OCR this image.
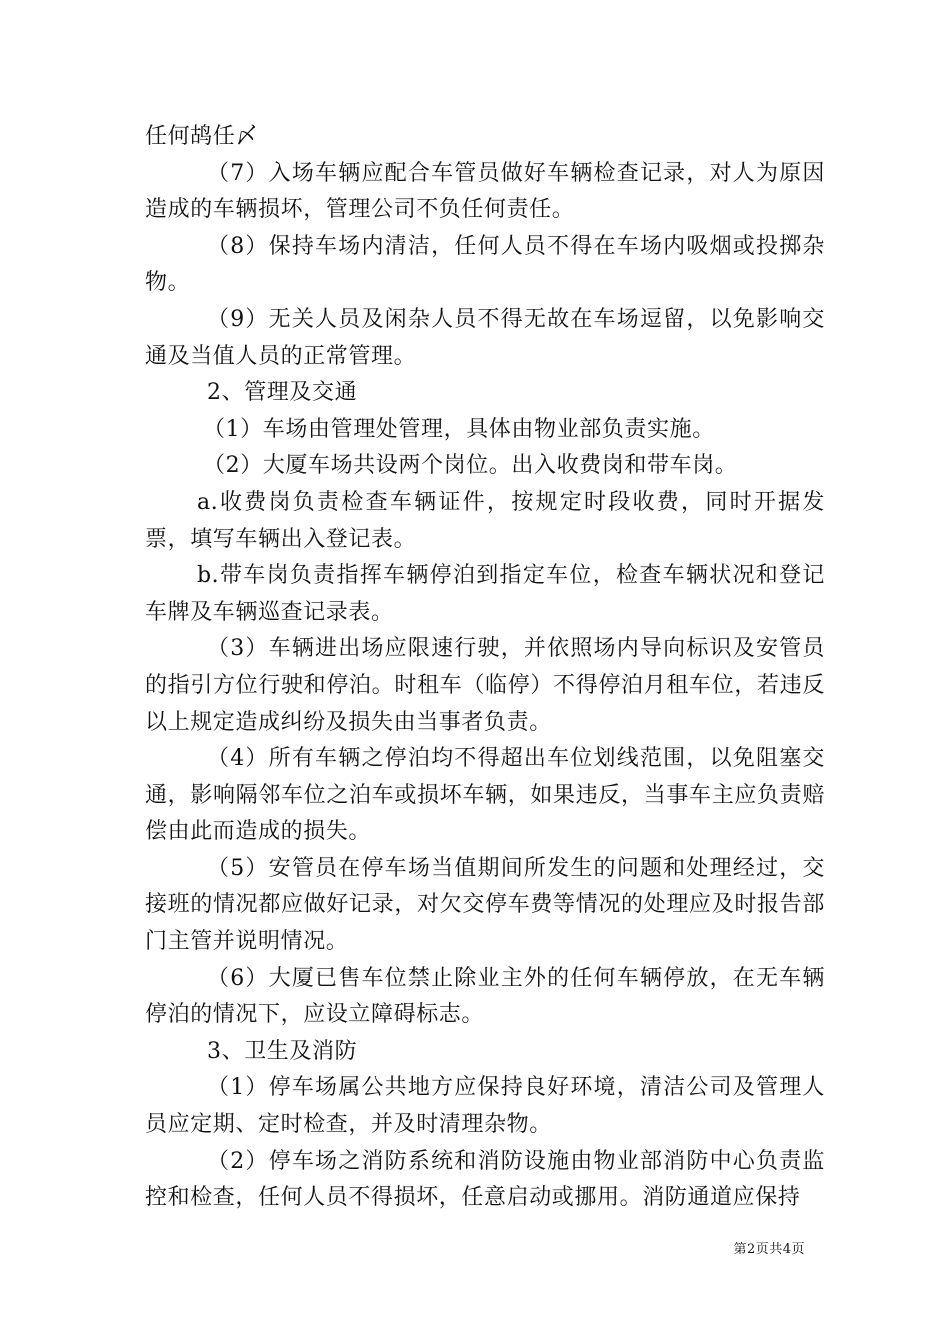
任何鸪任〆

（7）入场车辆应配合车管员做好车辆检查记录，对人为原因造成的车辆损坏，管理公司不负任何责任。

（8）保持车场内清洁，任何人员不得在车场内吸烟或投掷杂物。

（9）无关人员及闲杂人员不得无故在车场逗留，以免影响交通及当值人员的正常管理。

2、管理及交通

（1）车场由管理处管理，具体由物业部负责实施。

（2）大厦车场共设两个岗位。出入收费岗和带车岗。

a.收费岗负责检查车辆证件，按规定时段收费，同时开据发票，填写车辆出入登记表。

b.带车岗负责指挥车辆停泊到指定车位，检查车辆状况和登记车牌及车辆巡查记录表。

（3）车辆进出场应限速行驶，并依照场内导向标识及安管员的指引方位行驶和停泊。时租车（临停）不得停泊月租车位，若违反以上规定造成纠纷及损失由当事者负责。

（4）所有车辆之停泊均不得超出车位划线范围，以免阻塞交通，影响隔邻车位之泊车或损坏车辆，如果违反，当事车主应负责赔偿由此而造成的损失。

（5）安管员在停车场当值期间所发生的问题和处理经过，交接班的情况都应做好记录，对欠交停车费等情况的处理应及时报告部门主管并说明情况。

（6）大厦已售车位禁止除业主外的任何车辆停放，在无车辆停泊的情况下，应设立障碍标志。

3、卫生及消防

（1）停车场属公共地方应保持良好环境，清洁公司及管理人员应定期、定时检查，并及时清理杂物。

（2）停车场之消防系统和消防设施由物业部消防中心负责监控和检查，任何人员不得损坏，任意启动或挪用。消防通道应保持

第2页共4页
